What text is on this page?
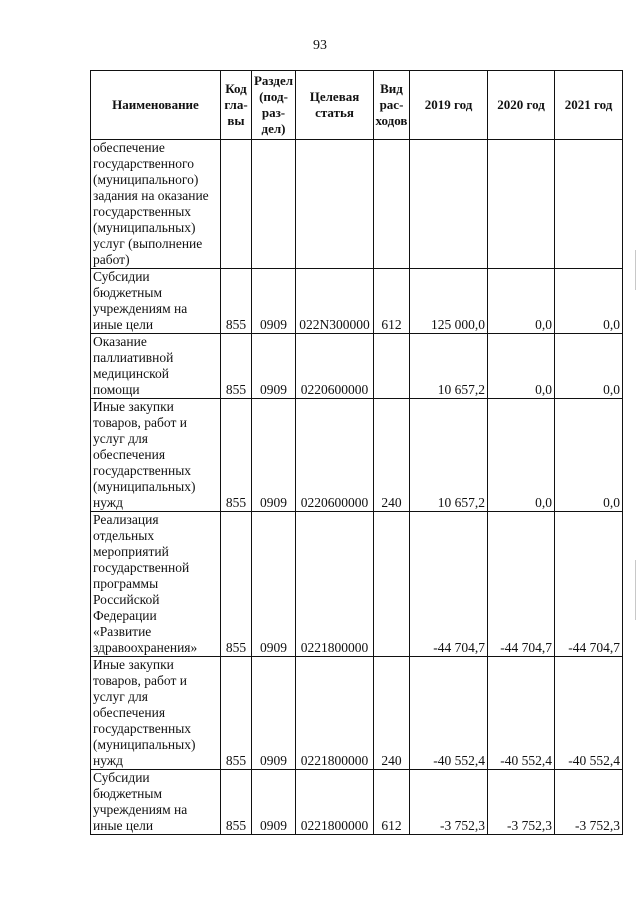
93
Наименование	Код гла-вы	Раздел (под-раз-дел)	Целевая статья	Вид рас-ходов	2019 год	2020 год	2021 год
обеспечение государственного (муниципального) задания на оказание государственных (муниципальных) услуг (выполнение работ)							
Субсидии бюджетным учреждениям на иные цели	855	0909	022N300000	612	125 000,0	0,0	0,0
Оказание паллиативной медицинской помощи	855	0909	0220600000		10 657,2	0,0	0,0
Иные закупки товаров, работ и услуг для обеспечения государственных (муниципальных) нужд	855	0909	0220600000	240	10 657,2	0,0	0,0
Реализация отдельных мероприятий государственной программы Российской Федерации «Развитие здравоохранения»	855	0909	0221800000		-44 704,7	-44 704,7	-44 704,7
Иные закупки товаров, работ и услуг для обеспечения государственных (муниципальных) нужд	855	0909	0221800000	240	-40 552,4	-40 552,4	-40 552,4
Субсидии бюджетным учреждениям на иные цели	855	0909	0221800000	612	-3 752,3	-3 752,3	-3 752,3
